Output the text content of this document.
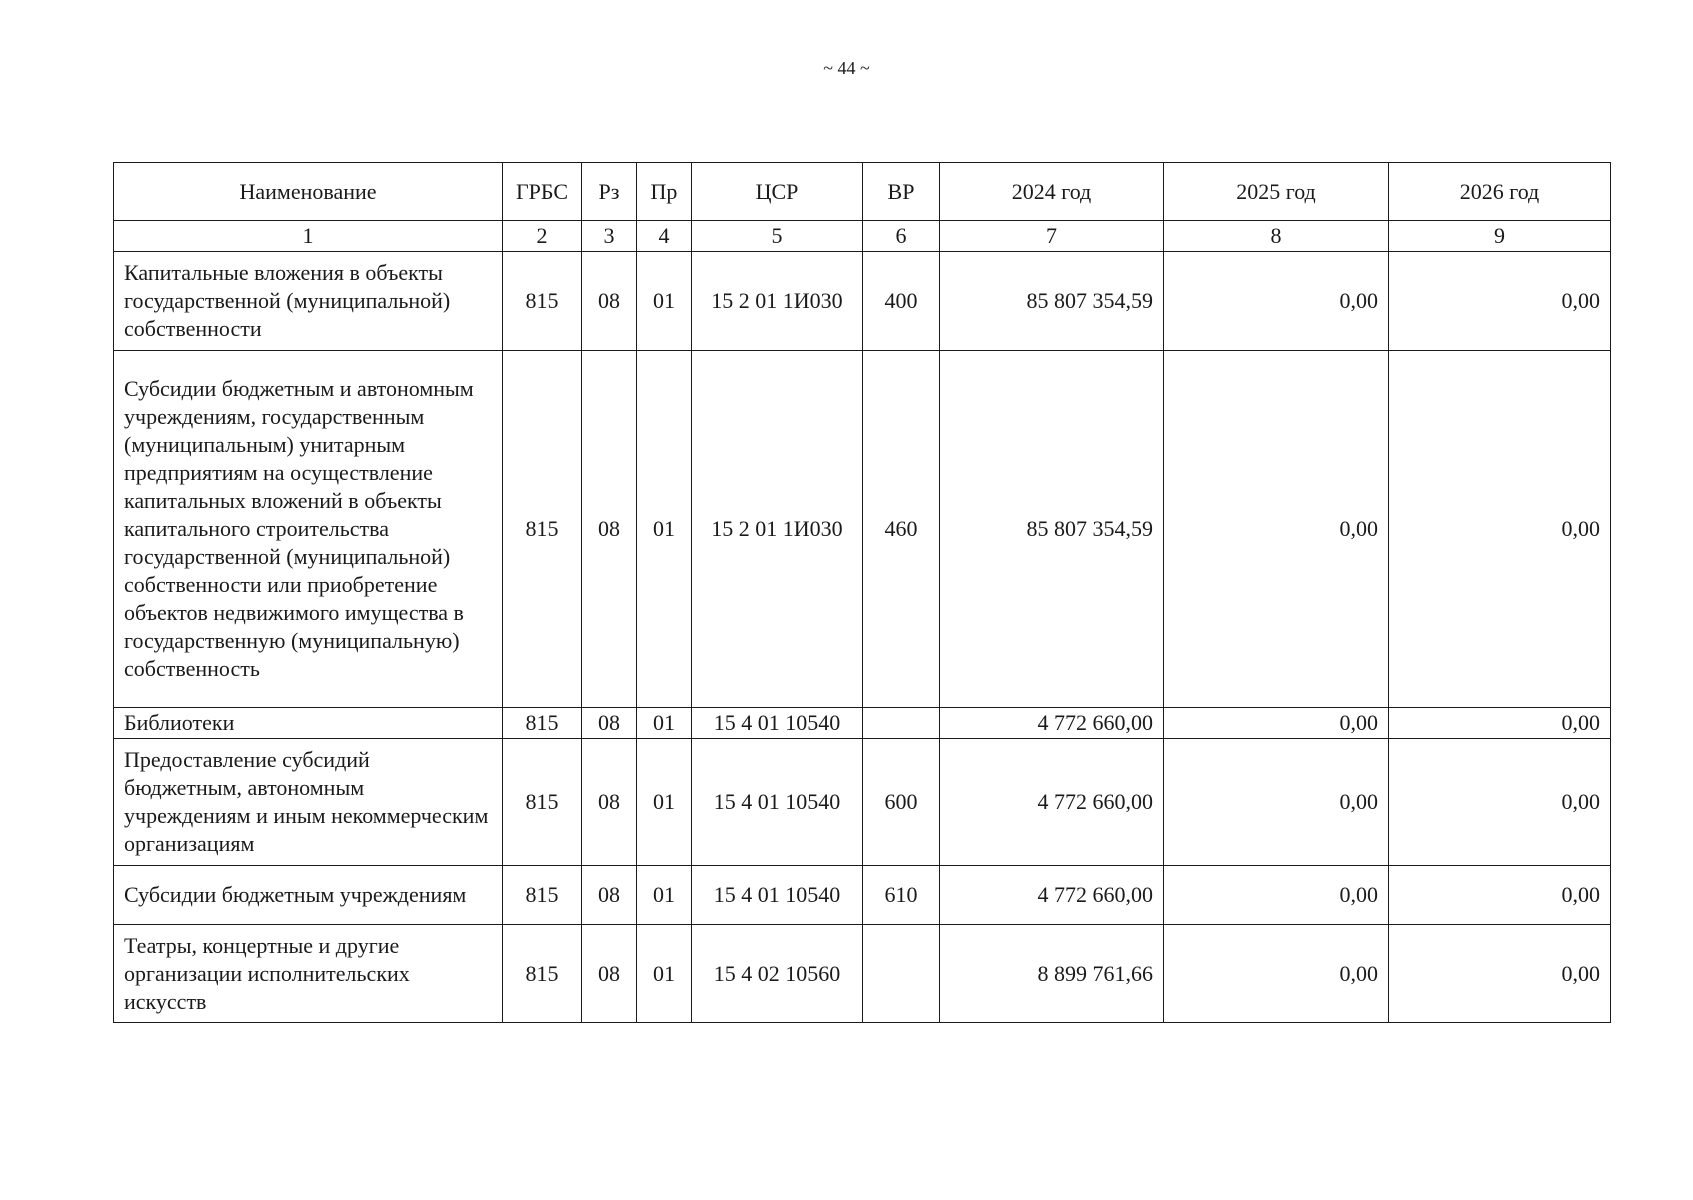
~ 44 ~
Наименование	ГРБС	Рз	Пр	ЦСР	ВР	2024 год	2025 год	2026 год
1	2	3	4	5	6	7	8	9
Капитальные вложения в объекты государственной (муниципальной) собственности	815	08	01	15 2 01 1И030	400	85 807 354,59	0,00	0,00
Субсидии бюджетным и автономным учреждениям, государственным (муниципальным) унитарным предприятиям на осуществление капитальных вложений в объекты капитального строительства государственной (муниципальной) собственности или приобретение объектов недвижимого имущества в государственную (муниципальную) собственность	815	08	01	15 2 01 1И030	460	85 807 354,59	0,00	0,00
Библиотеки	815	08	01	15 4 01 10540		4 772 660,00	0,00	0,00
Предоставление субсидий бюджетным, автономным учреждениям и иным некоммерческим организациям	815	08	01	15 4 01 10540	600	4 772 660,00	0,00	0,00
Субсидии бюджетным учреждениям	815	08	01	15 4 01 10540	610	4 772 660,00	0,00	0,00
Театры, концертные и другие организации исполнительских искусств	815	08	01	15 4 02 10560		8 899 761,66	0,00	0,00
